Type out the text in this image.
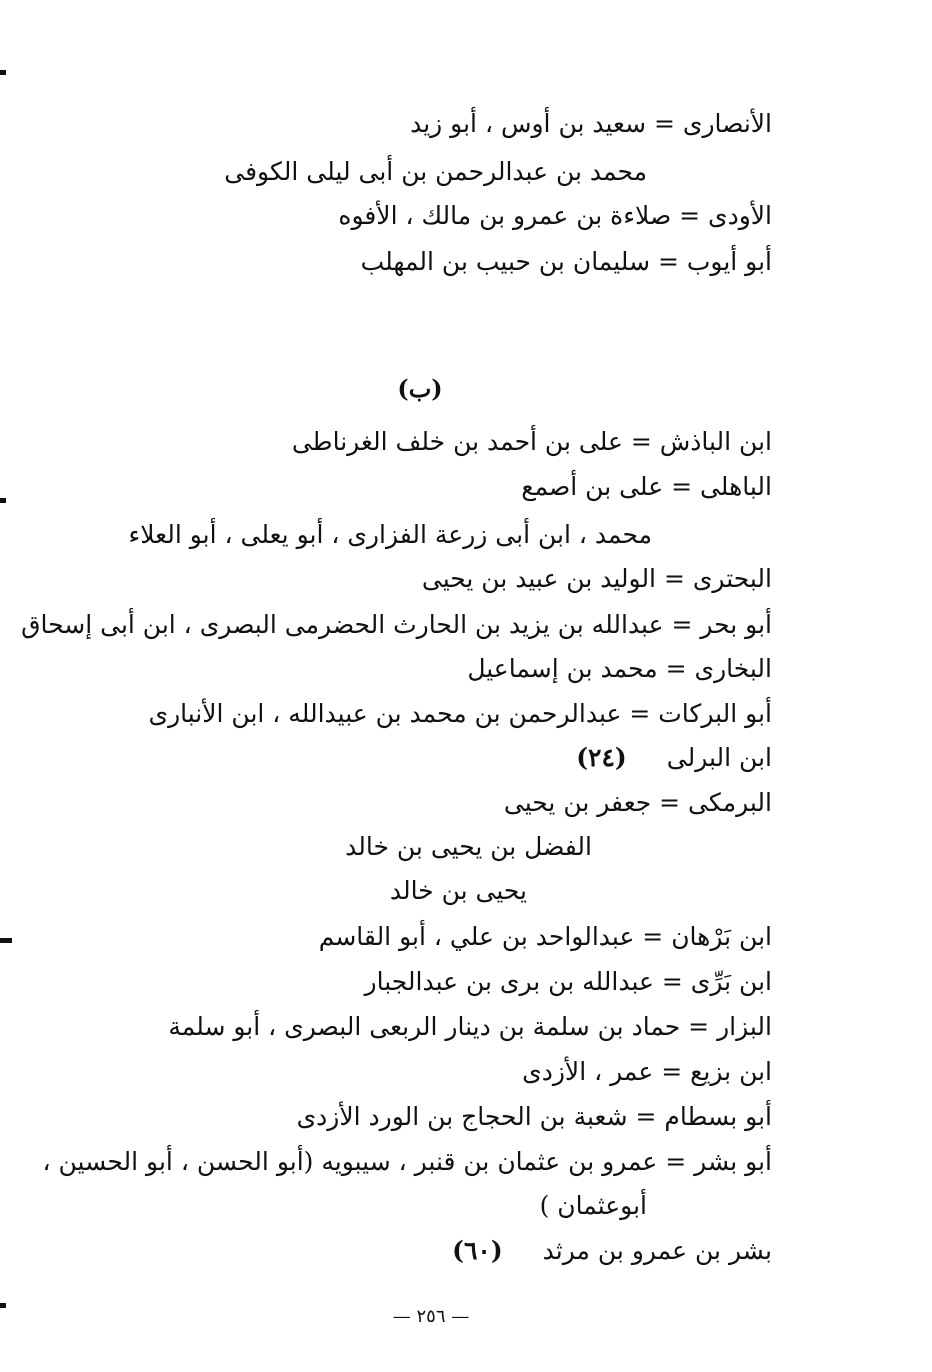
الأنصارى = سعيد بن أوس ، أبو زيد
محمد بن عبدالرحمن بن أبى ليلى الكوفى
الأودى = صلاءة بن عمرو بن مالك ، الأفوه
أبو أيوب = سليمان بن حبيب بن المهلب
(ب)
ابن الباذش = على بن أحمد بن خلف الغرناطى
الباهلى = على بن أصمع
محمد ، ابن أبى زرعة الفزارى ، أبو يعلى ، أبو العلاء
البحترى = الوليد بن عبيد بن يحيى
أبو بحر = عبدالله بن يزيد بن الحارث الحضرمى البصرى ، ابن أبى إسحاق
البخارى = محمد بن إسماعيل
أبو البركات = عبدالرحمن بن محمد بن عبيدالله ، ابن الأنبارى
ابن البرلى(٢٤)
البرمكى = جعفر بن يحيى
الفضل بن يحيى بن خالد
يحيى بن خالد
ابن بَرْهان = عبدالواحد بن علي ، أبو القاسم
ابن بَرِّى = عبدالله بن برى بن عبدالجبار
البزار = حماد بن سلمة بن دينار الربعى البصرى ، أبو سلمة
ابن بزيع = عمر ، الأزدى
أبو بسطام = شعبة بن الحجاج بن الورد الأزدى
أبو بشر = عمرو بن عثمان بن قنبر ، سيبويه (أبو الحسن ، أبو الحسين ،
أبوعثمان )
بشر بن عمرو بن مرثد(٦٠)
— ٢٥٦ —
